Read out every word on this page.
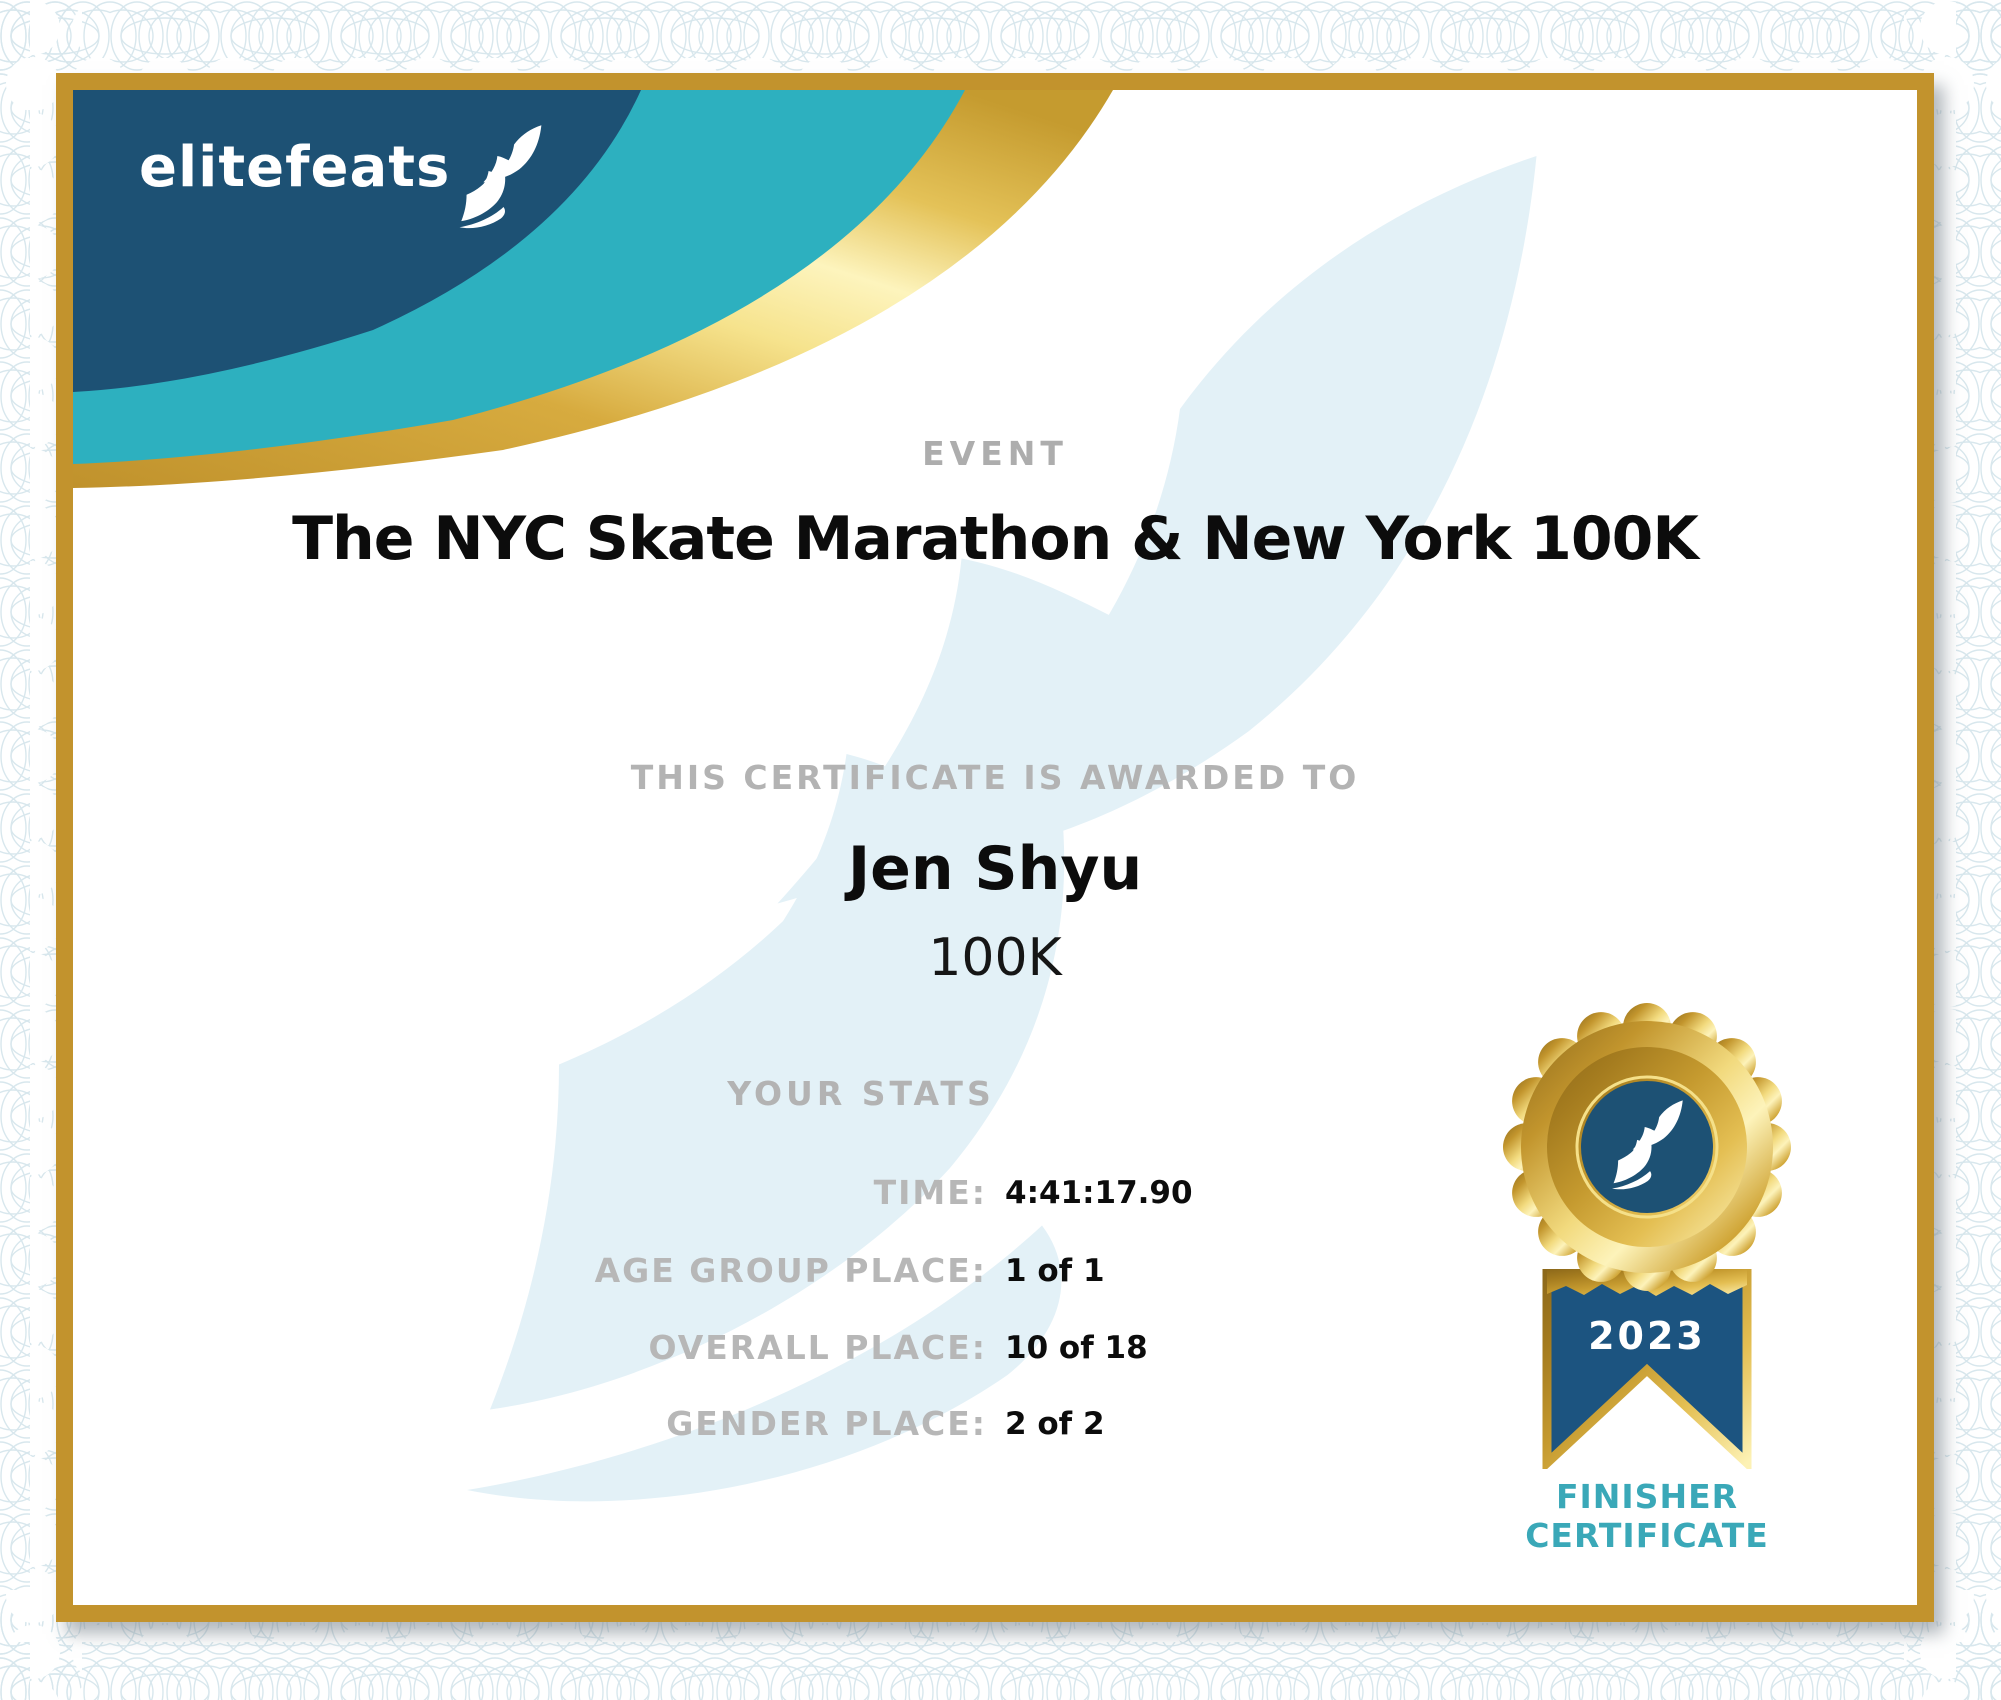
elitefeats
EVENT
The NYC Skate Marathon & New York 100K
THIS CERTIFICATE IS AWARDED TO
Jen Shyu
100K
YOUR STATS
TIME: 4:41:17.90
AGE GROUP PLACE: 1 of 1
OVERALL PLACE: 10 of 18
GENDER PLACE: 2 of 2
2023
FINISHER
CERTIFICATE
